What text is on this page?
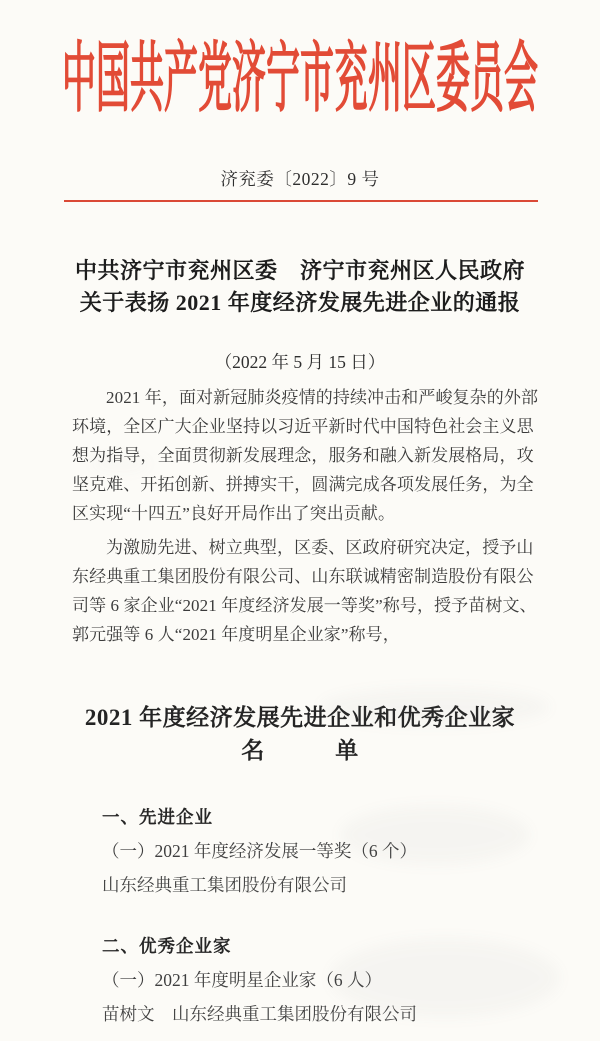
中国共产党济宁市兖州区委员会
济兖委〔2022〕9 号
中共济宁市兖州区委　济宁市兖州区人民政府
关于表扬 2021 年度经济发展先进企业的通报
（2022 年 5 月 15 日）
2021 年，面对新冠肺炎疫情的持续冲击和严峻复杂的外部
环境，全区广大企业坚持以习近平新时代中国特色社会主义思
想为指导，全面贯彻新发展理念，服务和融入新发展格局，攻
坚克难、开拓创新、拼搏实干，圆满完成各项发展任务，为全
区实现“十四五”良好开局作出了突出贡献。
为激励先进、树立典型，区委、区政府研究决定，授予山
东经典重工集团股份有限公司、山东联诚精密制造股份有限公
司等 6 家企业“2021 年度经济发展一等奖”称号，授予苗树文、
郭元强等 6 人“2021 年度明星企业家”称号，
2021 年度经济发展先进企业和优秀企业家
名　　　单
一、先进企业
（一）2021 年度经济发展一等奖（6 个）
山东经典重工集团股份有限公司
二、优秀企业家
（一）2021 年度明星企业家（6 人）
苗树文　山东经典重工集团股份有限公司
